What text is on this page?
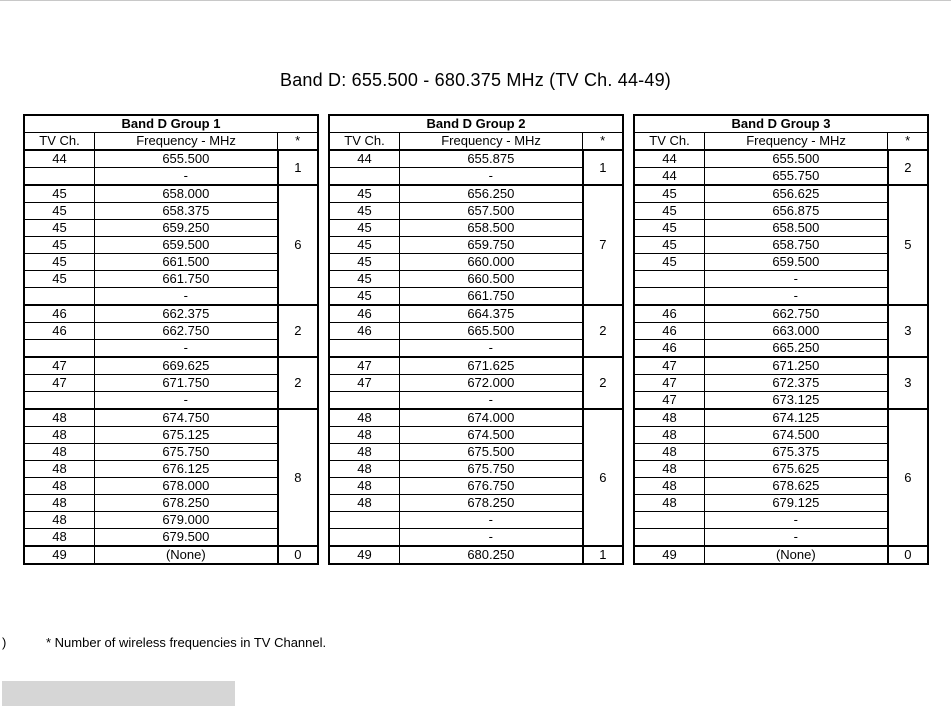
Band D: 655.500 - 680.375 MHz (TV Ch. 44-49)
Band D Group 1		
TV Ch.	Frequency - MHz	*
44	655.500	1
	-	
45	658.000	6
45	658.375	
45	659.250	
45	659.500	
45	661.500	
45	661.750	
	-	
46	662.375	2
46	662.750	
	-	
47	669.625	2
47	671.750	
	-	
48	674.750	8
48	675.125	
48	675.750	
48	676.125	
48	678.000	
48	678.250	
48	679.000	
48	679.500	
49	(None)	0
Band D Group 2		
TV Ch.	Frequency - MHz	*
44	655.875	1
	-	
45	656.250	7
45	657.500	
45	658.500	
45	659.750	
45	660.000	
45	660.500	
45	661.750	
46	664.375	2
46	665.500	
	-	
47	671.625	2
47	672.000	
	-	
48	674.000	6
48	674.500	
48	675.500	
48	675.750	
48	676.750	
48	678.250	
	-	
	-	
49	680.250	1
Band D Group 3		
TV Ch.	Frequency - MHz	*
44	655.500	2
44	655.750	
45	656.625	5
45	656.875	
45	658.500	
45	658.750	
45	659.500	
	-	
	-	
46	662.750	3
46	663.000	
46	665.250	
47	671.250	3
47	672.375	
47	673.125	
48	674.125	6
48	674.500	
48	675.375	
48	675.625	
48	678.625	
48	679.125	
	-	
	-	
49	(None)	0
)	* Number of wireless frequencies in TV Channel.
